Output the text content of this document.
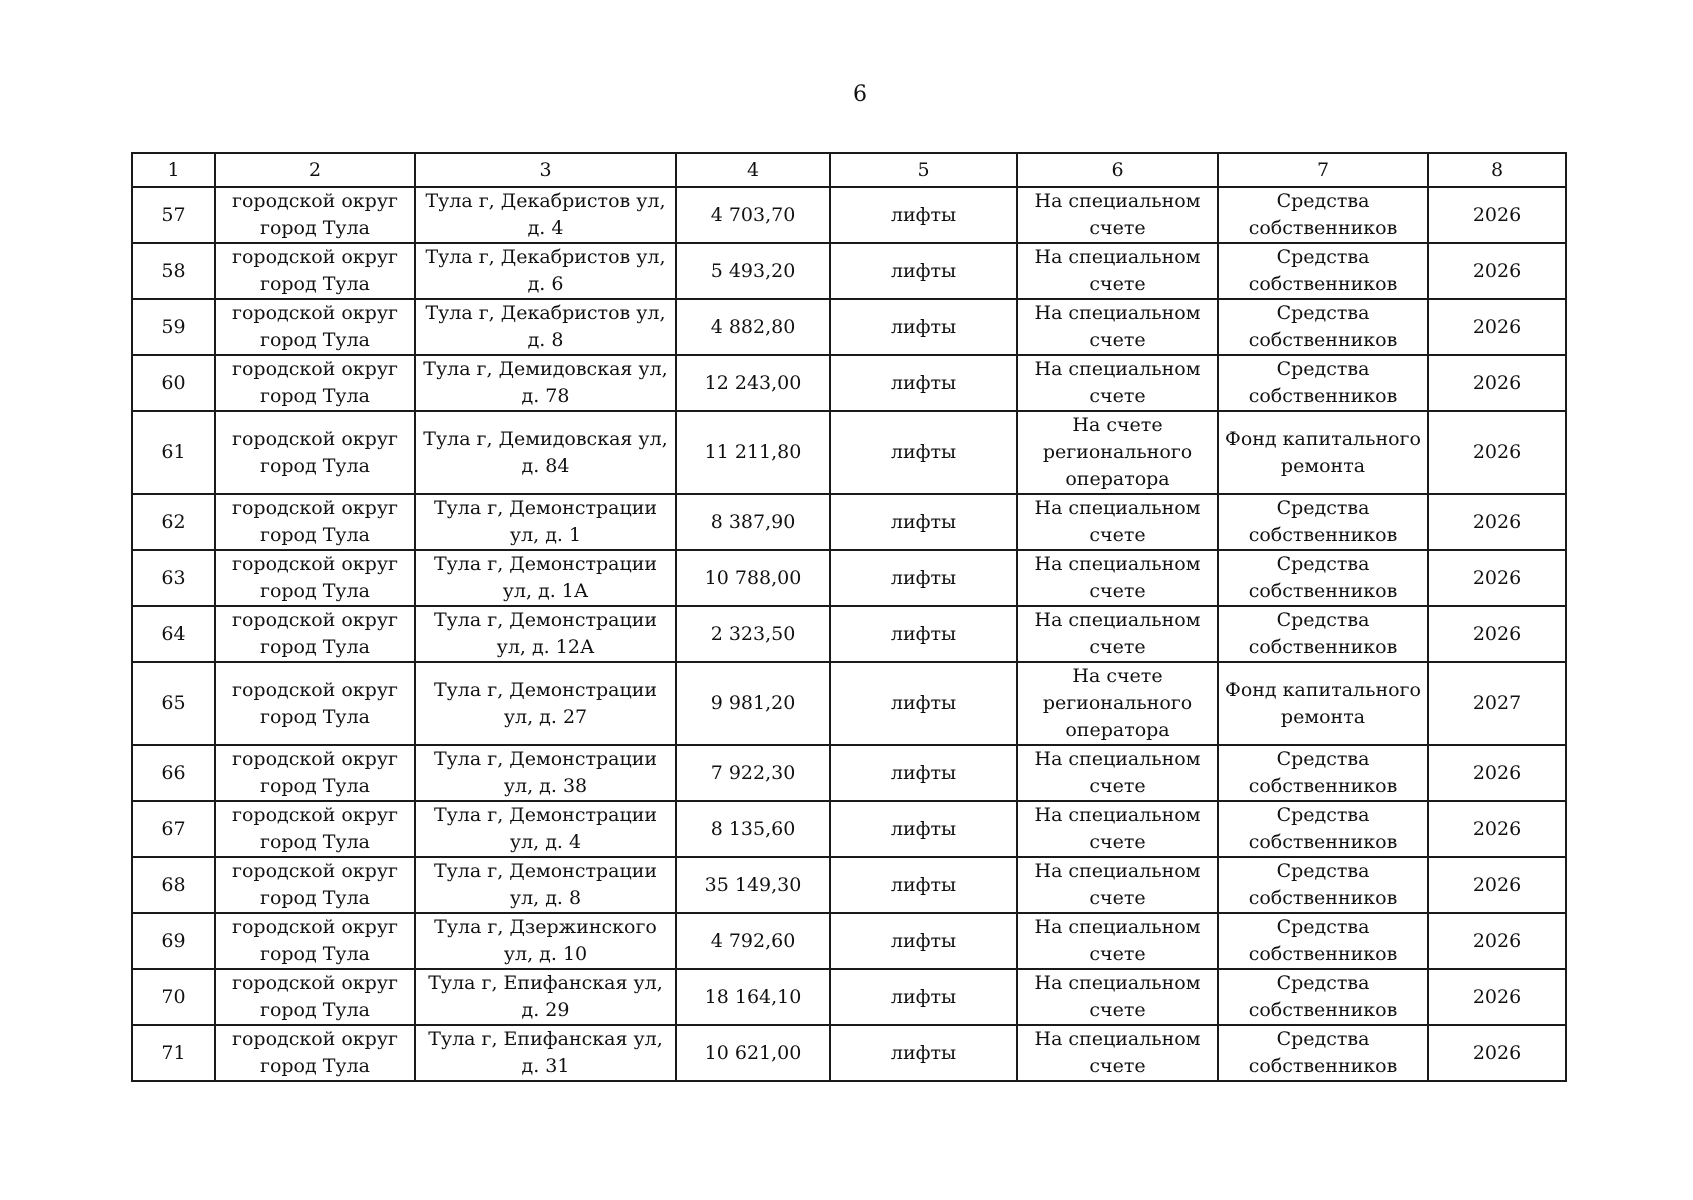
6
1	2	3	4	5	6	7	8
57	городской округ город Тула	Тула г, Декабристов ул, д. 4	4 703,70	лифты	На специальном счете	Средства собственников	2026
58	городской округ город Тула	Тула г, Декабристов ул, д. 6	5 493,20	лифты	На специальном счете	Средства собственников	2026
59	городской округ город Тула	Тула г, Декабристов ул, д. 8	4 882,80	лифты	На специальном счете	Средства собственников	2026
60	городской округ город Тула	Тула г, Демидовская ул, д. 78	12 243,00	лифты	На специальном счете	Средства собственников	2026
61	городской округ город Тула	Тула г, Демидовская ул, д. 84	11 211,80	лифты	На счете регионального оператора	Фонд капитального ремонта	2026
62	городской округ город Тула	Тула г, Демонстрации ул, д. 1	8 387,90	лифты	На специальном счете	Средства собственников	2026
63	городской округ город Тула	Тула г, Демонстрации ул, д. 1А	10 788,00	лифты	На специальном счете	Средства собственников	2026
64	городской округ город Тула	Тула г, Демонстрации ул, д. 12А	2 323,50	лифты	На специальном счете	Средства собственников	2026
65	городской округ город Тула	Тула г, Демонстрации ул, д. 27	9 981,20	лифты	На счете регионального оператора	Фонд капитального ремонта	2027
66	городской округ город Тула	Тула г, Демонстрации ул, д. 38	7 922,30	лифты	На специальном счете	Средства собственников	2026
67	городской округ город Тула	Тула г, Демонстрации ул, д. 4	8 135,60	лифты	На специальном счете	Средства собственников	2026
68	городской округ город Тула	Тула г, Демонстрации ул, д. 8	35 149,30	лифты	На специальном счете	Средства собственников	2026
69	городской округ город Тула	Тула г, Дзержинского ул, д. 10	4 792,60	лифты	На специальном счете	Средства собственников	2026
70	городской округ город Тула	Тула г, Епифанская ул, д. 29	18 164,10	лифты	На специальном счете	Средства собственников	2026
71	городской округ город Тула	Тула г, Епифанская ул, д. 31	10 621,00	лифты	На специальном счете	Средства собственников	2026
